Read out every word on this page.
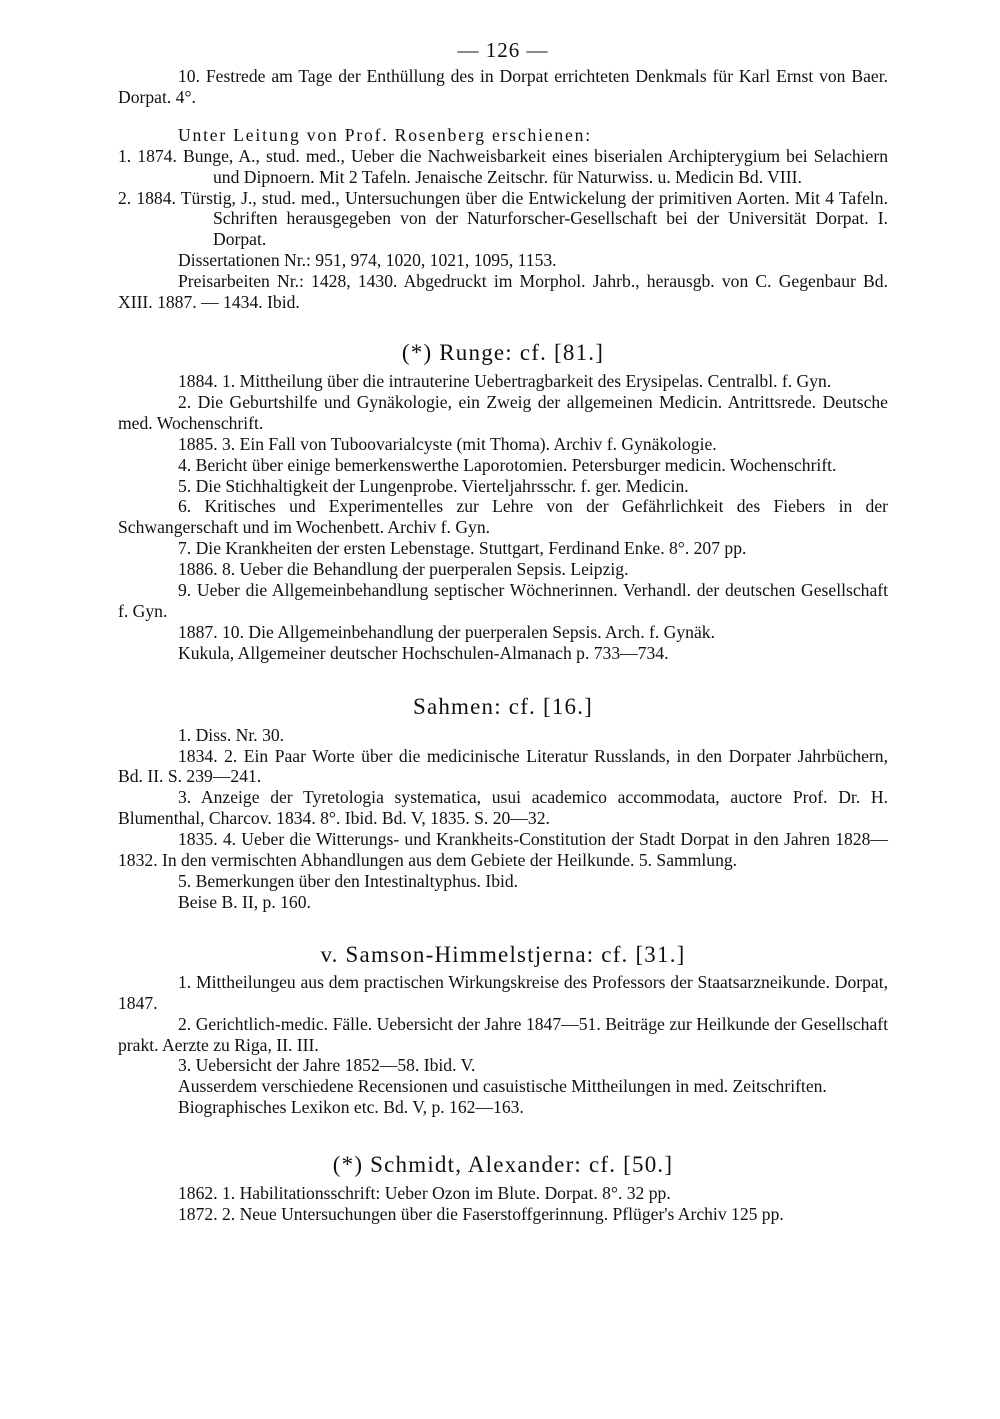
— 126 —
10. Festrede am Tage der Enthüllung des in Dorpat errichteten Denkmals für Karl Ernst von Baer. Dorpat. 4°.
Unter Leitung von Prof. Rosenberg erschienen:
1. 1874. Bunge, A., stud. med., Ueber die Nachweisbarkeit eines biserialen Archipterygium bei Selachiern und Dipnoern. Mit 2 Tafeln. Jenaische Zeitschr. für Naturwiss. u. Medicin Bd. VIII.
2. 1884. Türstig, J., stud. med., Untersuchungen über die Entwickelung der primitiven Aorten. Mit 4 Tafeln. Schriften herausgegeben von der Naturforscher-Gesellschaft bei der Universität Dorpat. I. Dorpat.
Dissertationen Nr.: 951, 974, 1020, 1021, 1095, 1153.
Preisarbeiten Nr.: 1428, 1430. Abgedruckt im Morphol. Jahrb., herausgb. von C. Gegenbaur Bd. XIII. 1887. — 1434. Ibid.
(*) Runge: cf. [81.]
1884. 1. Mittheilung über die intrauterine Uebertragbarkeit des Erysipelas. Centralbl. f. Gyn.
2. Die Geburtshilfe und Gynäkologie, ein Zweig der allgemeinen Medicin. Antrittsrede. Deutsche med. Wochenschrift.
1885. 3. Ein Fall von Tuboovarialcyste (mit Thoma). Archiv f. Gynäkologie.
4. Bericht über einige bemerkenswerthe Laporotomien. Petersburger medicin. Wochenschrift.
5. Die Stichhaltigkeit der Lungenprobe. Vierteljahrsschr. f. ger. Medicin.
6. Kritisches und Experimentelles zur Lehre von der Gefährlichkeit des Fiebers in der Schwangerschaft und im Wochenbett. Archiv f. Gyn.
7. Die Krankheiten der ersten Lebenstage. Stuttgart, Ferdinand Enke. 8°. 207 pp.
1886. 8. Ueber die Behandlung der puerperalen Sepsis. Leipzig.
9. Ueber die Allgemeinbehandlung septischer Wöchnerinnen. Verhandl. der deutschen Gesellschaft f. Gyn.
1887. 10. Die Allgemeinbehandlung der puerperalen Sepsis. Arch. f. Gynäk.
Kukula, Allgemeiner deutscher Hochschulen-Almanach p. 733—734.
Sahmen: cf. [16.]
1. Diss. Nr. 30.
1834. 2. Ein Paar Worte über die medicinische Literatur Russlands, in den Dorpater Jahrbüchern, Bd. II. S. 239—241.
3. Anzeige der Tyretologia systematica, usui academico accommodata, auctore Prof. Dr. H. Blumenthal, Charcov. 1834. 8°. Ibid. Bd. V, 1835. S. 20—32.
1835. 4. Ueber die Witterungs- und Krankheits-Constitution der Stadt Dorpat in den Jahren 1828—1832. In den vermischten Abhandlungen aus dem Gebiete der Heilkunde. 5. Sammlung.
5. Bemerkungen über den Intestinaltyphus. Ibid.
Beise B. II, p. 160.
v. Samson-Himmelstjerna: cf. [31.]
1. Mittheilungeu aus dem practischen Wirkungskreise des Professors der Staatsarzneikunde. Dorpat, 1847.
2. Gerichtlich-medic. Fälle. Uebersicht der Jahre 1847—51. Beiträge zur Heilkunde der Gesellschaft prakt. Aerzte zu Riga, II. III.
3. Uebersicht der Jahre 1852—58. Ibid. V.
Ausserdem verschiedene Recensionen und casuistische Mittheilungen in med. Zeitschriften.
Biographisches Lexikon etc. Bd. V, p. 162—163.
(*) Schmidt, Alexander: cf. [50.]
1862. 1. Habilitationsschrift: Ueber Ozon im Blute. Dorpat. 8°. 32 pp.
1872. 2. Neue Untersuchungen über die Faserstoffgerinnung. Pflüger's Archiv 125 pp.
